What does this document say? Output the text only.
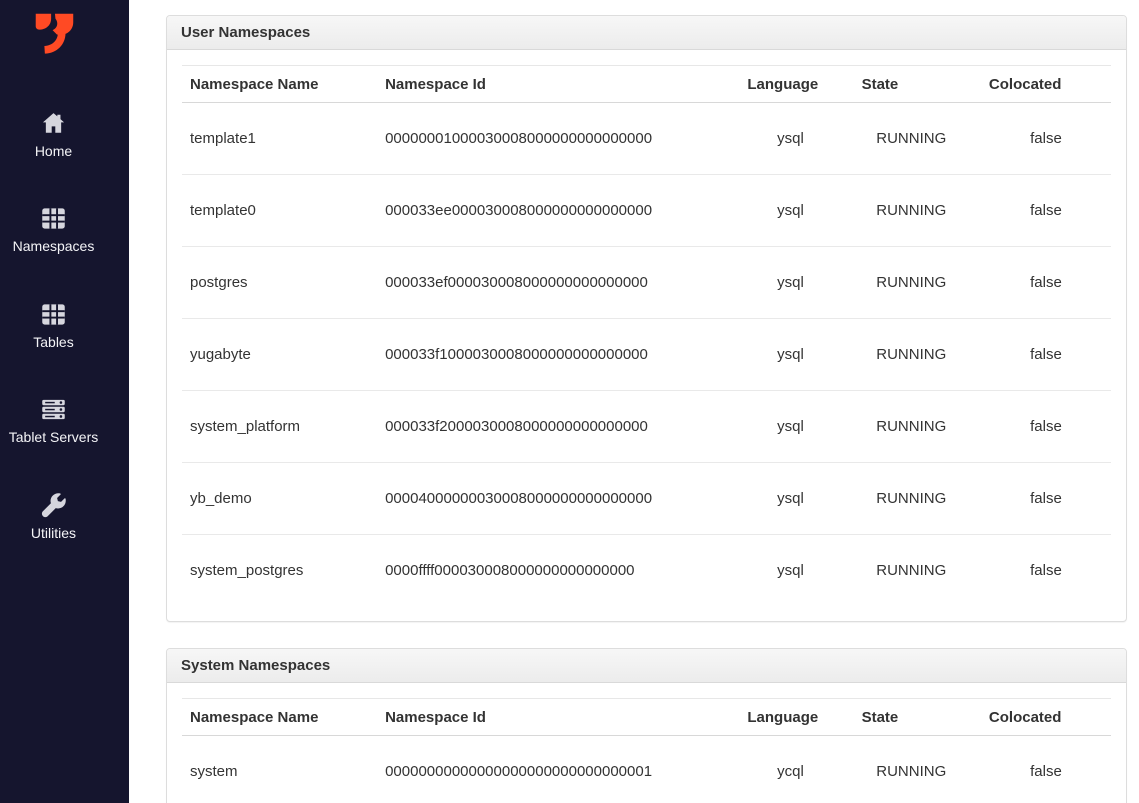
Home
Namespaces
Tables
Tablet Servers
Utilities
User Namespaces
Namespace Name	Namespace Id	Language	State	Colocated
template1	00000001000030008000000000000000	ysql	RUNNING	false
template0	000033ee000030008000000000000000	ysql	RUNNING	false
postgres	000033ef000030008000000000000000	ysql	RUNNING	false
yugabyte	000033f1000030008000000000000000	ysql	RUNNING	false
system_platform	000033f2000030008000000000000000	ysql	RUNNING	false
yb_demo	00004000000030008000000000000000	ysql	RUNNING	false
system_postgres	0000ffff000030008000000000000000	ysql	RUNNING	false
System Namespaces
Namespace Name	Namespace Id	Language	State	Colocated
system	00000000000000000000000000000001	ycql	RUNNING	false
